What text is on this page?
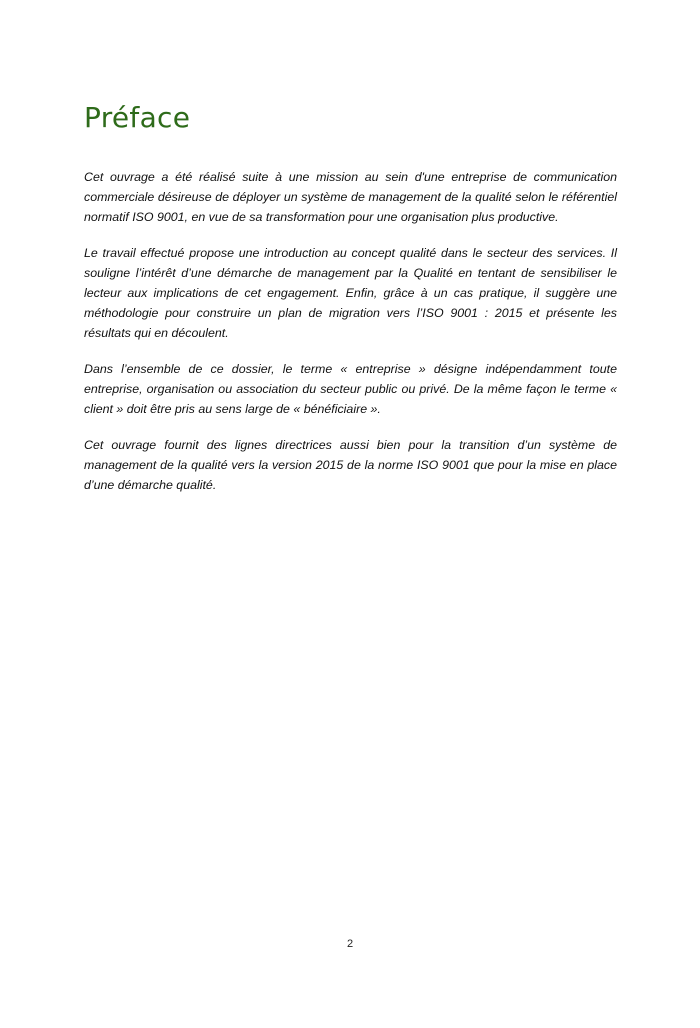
Préface

Cet ouvrage a été réalisé suite à une mission au sein d'une entreprise de communication commerciale désireuse de déployer un système de management de la qualité selon le référentiel normatif ISO 9001, en vue de sa transformation pour une organisation plus productive.

Le travail effectué propose une introduction au concept qualité dans le secteur des services. Il souligne l’intérêt d’une démarche de management par la Qualité en tentant de sensibiliser le lecteur aux implications de cet engagement. Enfin, grâce à un cas pratique, il suggère une méthodologie pour construire un plan de migration vers l’ISO 9001 : 2015 et présente les résultats qui en découlent.

Dans l’ensemble de ce dossier, le terme « entreprise » désigne indépendamment toute entreprise, organisation ou association du secteur public ou privé. De la même façon le terme « client » doit être pris au sens large de « bénéficiaire ».

Cet ouvrage fournit des lignes directrices aussi bien pour la transition d’un système de management de la qualité vers la version 2015 de la norme ISO 9001 que pour la mise en place d’une démarche qualité.

2
